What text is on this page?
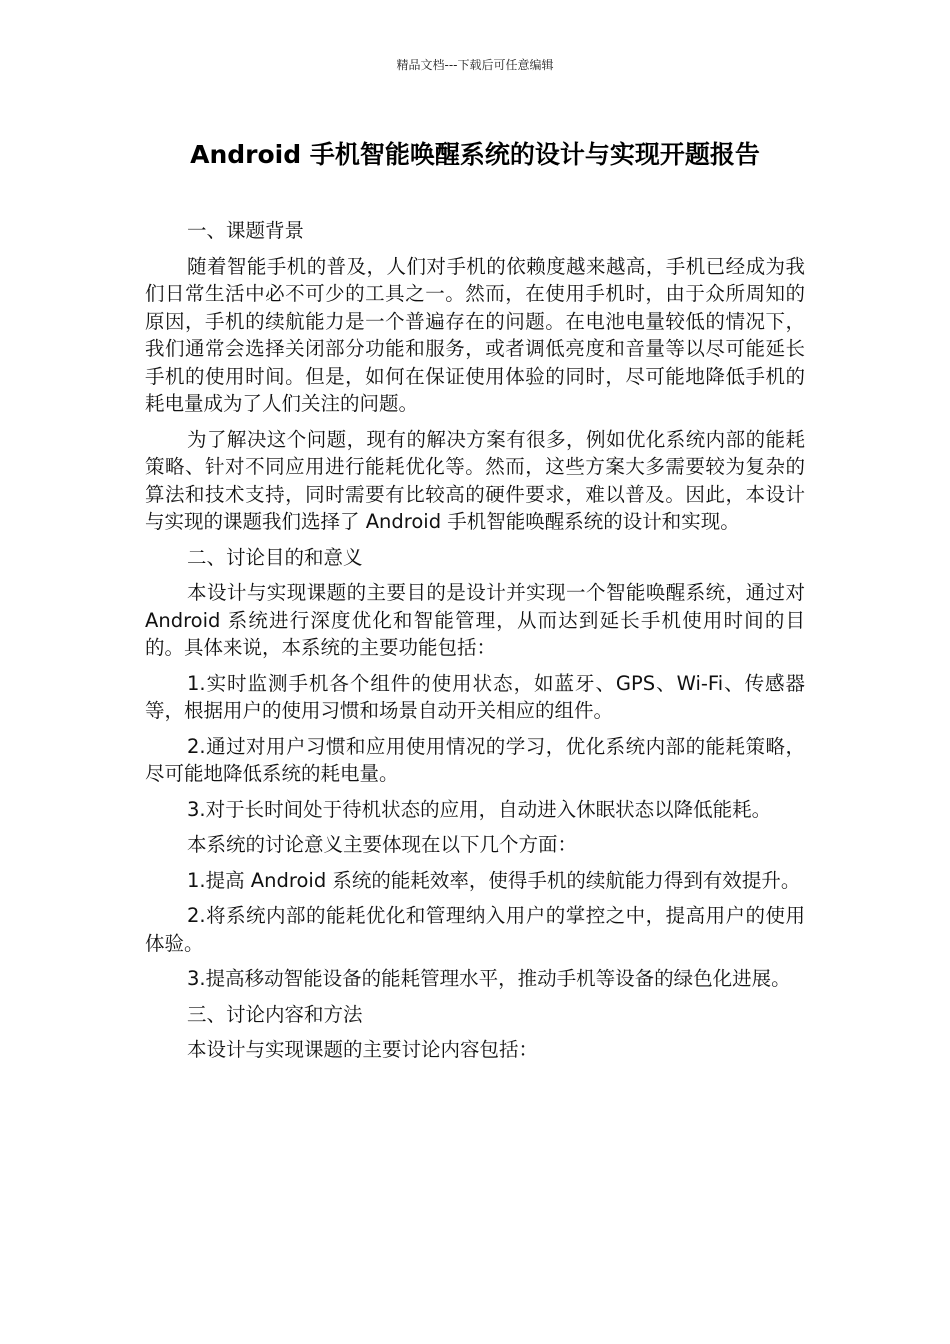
精品文档---下载后可任意编辑
Android 手机智能唤醒系统的设计与实现开题报告

一、课题背景

随着智能手机的普及，人们对手机的依赖度越来越高，手机已经成为我们日常生活中必不可少的工具之一。然而，在使用手机时，由于众所周知的原因，手机的续航能力是一个普遍存在的问题。在电池电量较低的情况下，我们通常会选择关闭部分功能和服务，或者调低亮度和音量等以尽可能延长手机的使用时间。但是，如何在保证使用体验的同时，尽可能地降低手机的耗电量成为了人们关注的问题。

为了解决这个问题，现有的解决方案有很多，例如优化系统内部的能耗策略、针对不同应用进行能耗优化等。然而，这些方案大多需要较为复杂的算法和技术支持，同时需要有比较高的硬件要求，难以普及。因此，本设计与实现的课题我们选择了 Android 手机智能唤醒系统的设计和实现。

二、讨论目的和意义

本设计与实现课题的主要目的是设计并实现一个智能唤醒系统，通过对 Android 系统进行深度优化和智能管理，从而达到延长手机使用时间的目的。具体来说，本系统的主要功能包括：

1.实时监测手机各个组件的使用状态，如蓝牙、GPS、Wi-Fi、传感器等，根据用户的使用习惯和场景自动开关相应的组件。

2.通过对用户习惯和应用使用情况的学习，优化系统内部的能耗策略，尽可能地降低系统的耗电量。

3.对于长时间处于待机状态的应用，自动进入休眠状态以降低能耗。

本系统的讨论意义主要体现在以下几个方面：

1.提高 Android 系统的能耗效率，使得手机的续航能力得到有效提升。

2.将系统内部的能耗优化和管理纳入用户的掌控之中，提高用户的使用体验。

3.提高移动智能设备的能耗管理水平，推动手机等设备的绿色化进展。

三、讨论内容和方法

本设计与实现课题的主要讨论内容包括：
